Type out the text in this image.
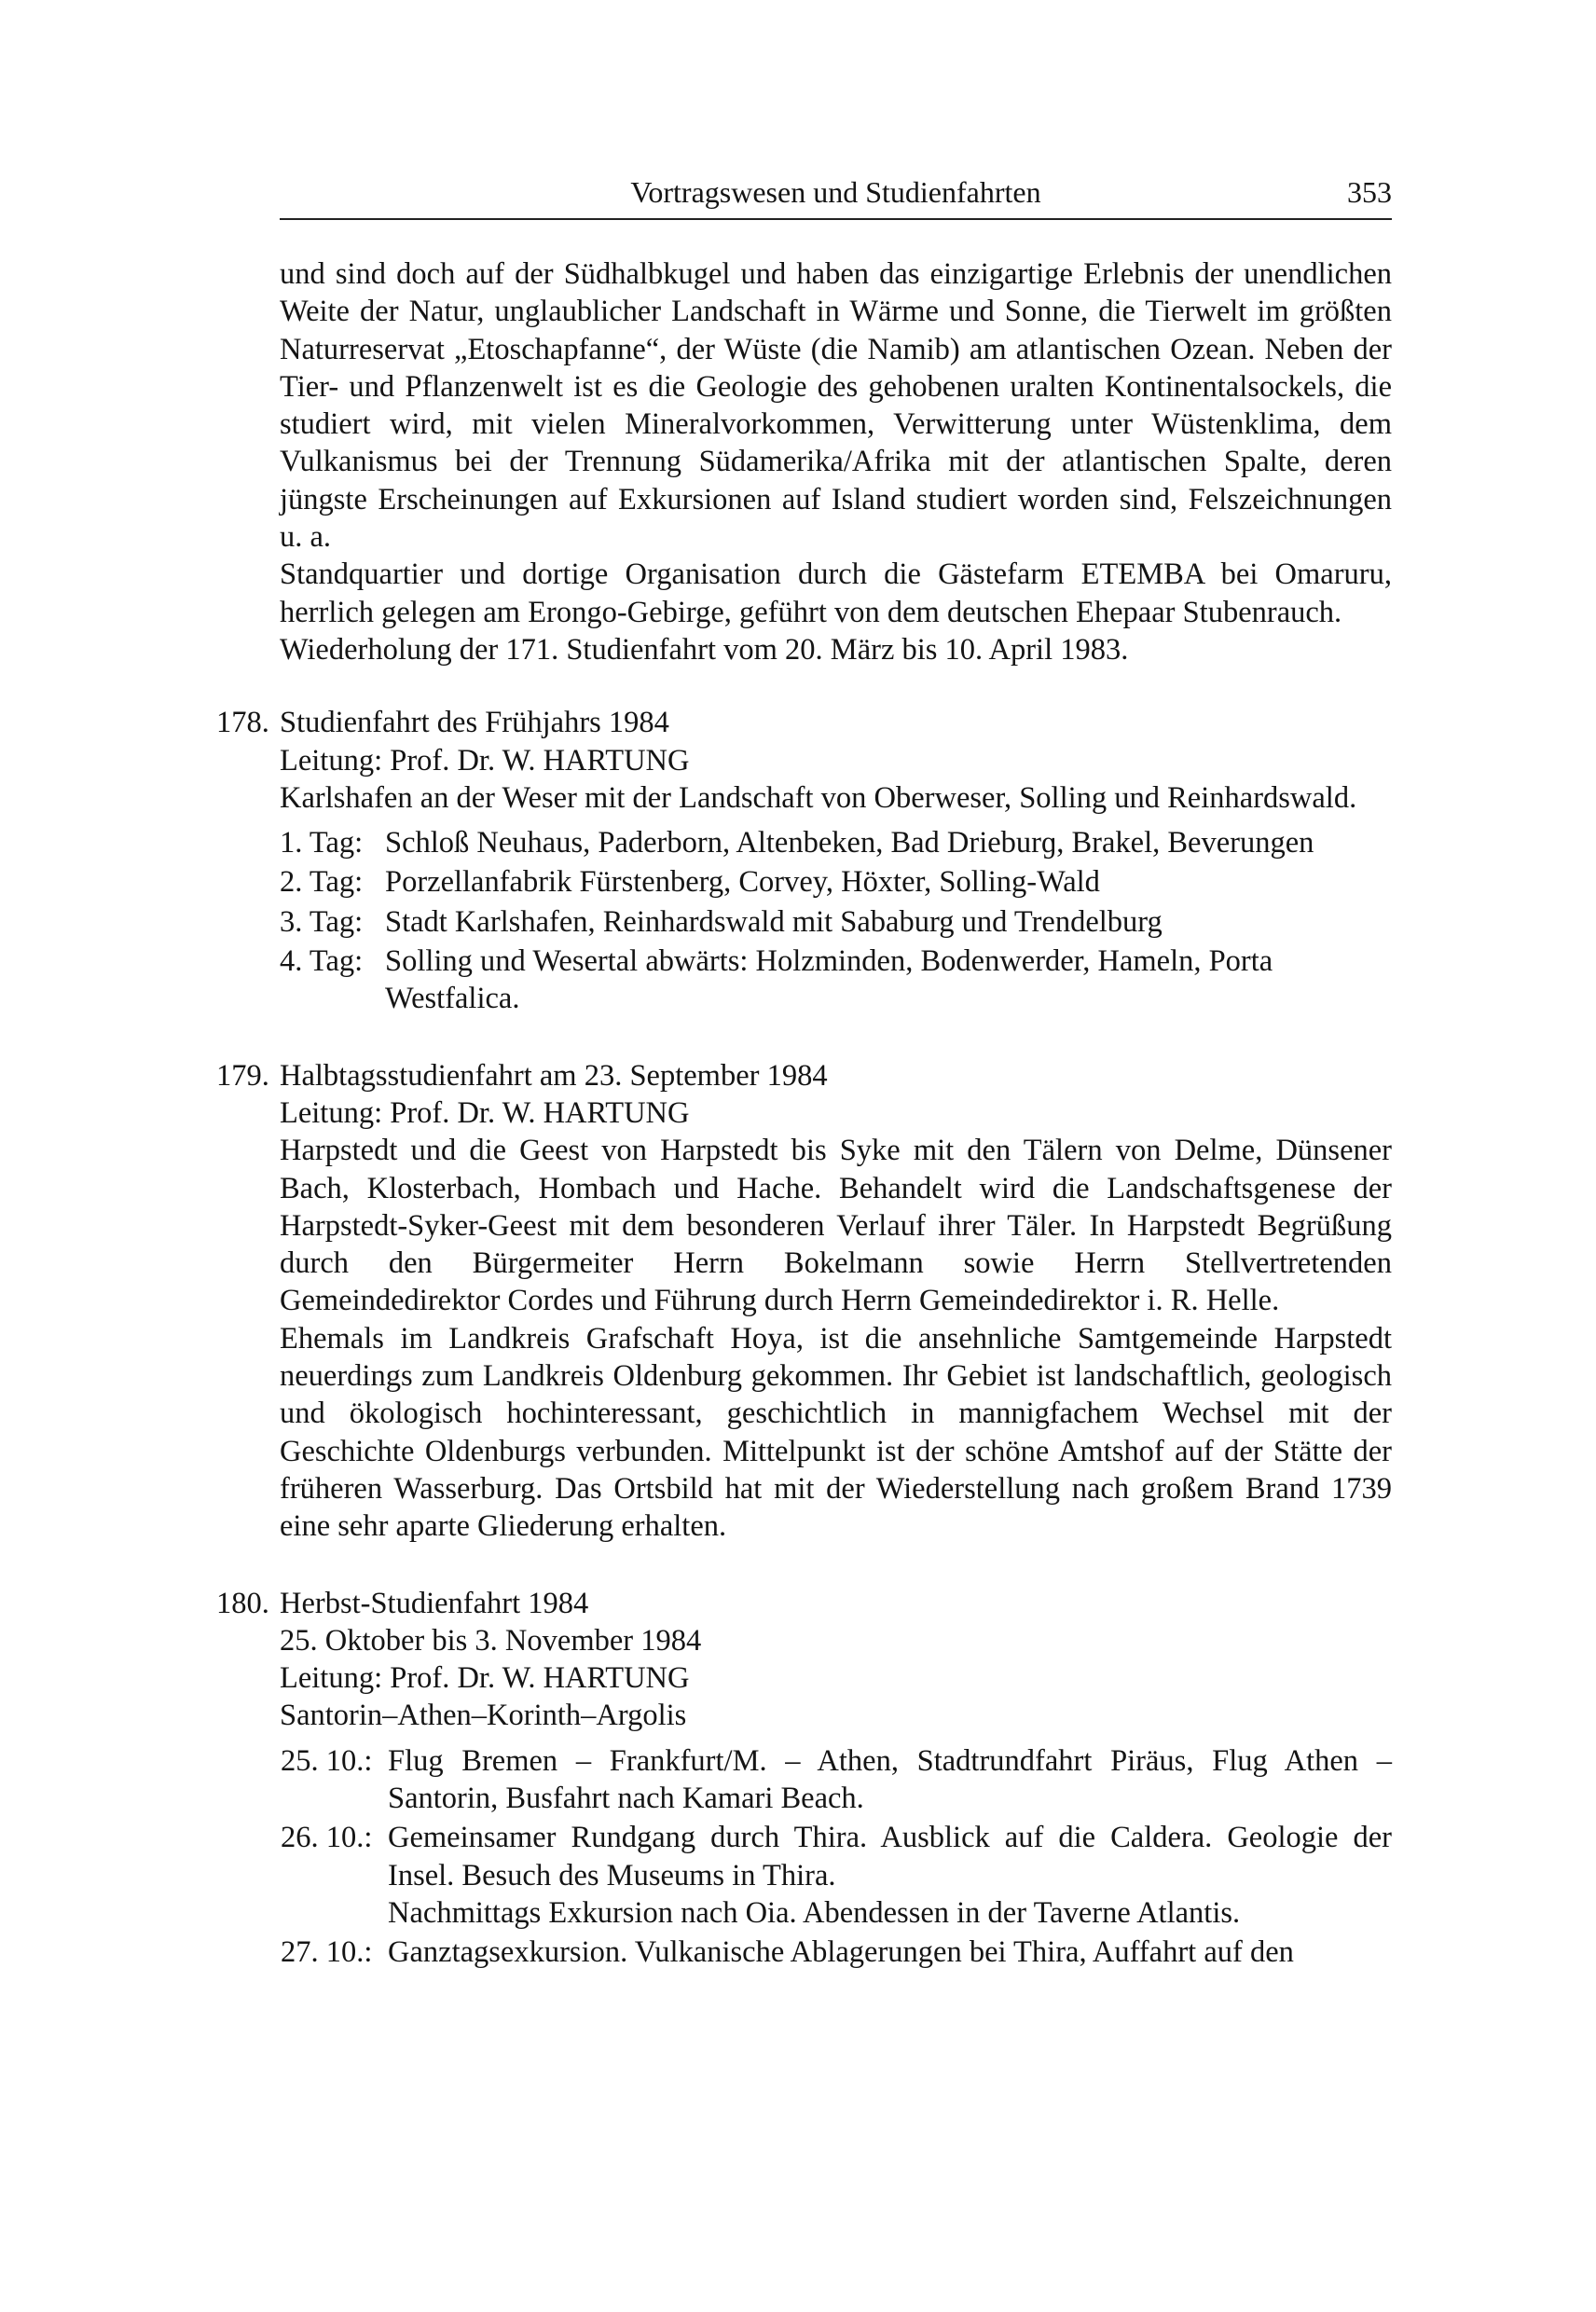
Vortragswesen und Studienfahrten	353

und sind doch auf der Südhalbkugel und haben das einzigartige Erlebnis der unendlichen Weite der Natur, unglaublicher Landschaft in Wärme und Sonne, die Tierwelt im größten Naturreservat „Etoschapfanne“, der Wüste (die Namib) am atlantischen Ozean. Neben der Tier- und Pflanzenwelt ist es die Geologie des gehobenen uralten Kontinentalsockels, die studiert wird, mit vielen Mineralvorkommen, Verwitterung unter Wüstenklima, dem Vulkanismus bei der Trennung Südamerika/Afrika mit der atlantischen Spalte, deren jüngste Erscheinungen auf Exkursionen auf Island studiert worden sind, Felszeichnungen u. a.

Standquartier und dortige Organisation durch die Gästefarm ETEMBA bei Omaruru, herrlich gelegen am Erongo-Gebirge, geführt von dem deutschen Ehepaar Stubenrauch.

Wiederholung der 171. Studienfahrt vom 20. März bis 10. April 1983.

178. Studienfahrt des Frühjahrs 1984
Leitung: Prof. Dr. W. HARTUNG

Karlshafen an der Weser mit der Landschaft von Oberweser, Solling und Reinhardswald.

1. Tag: Schloß Neuhaus, Paderborn, Altenbeken, Bad Drieburɡ, Brakel, Beverungen
2. Tag: Porzellanfabrik Fürstenberg, Corvey, Höxter, Solling-Wald
3. Tag: Stadt Karlshafen, Reinhardswald mit Sababurg und Trendelburg
4. Tag: Solling und Wesertal abwärts: Holzminden, Bodenwerder, Hameln, Porta Westfalica.
179. Halbtagsstudienfahrt am 23. September 1984
Leitung: Prof. Dr. W. HARTUNG

Harpstedt und die Geest von Harpstedt bis Syke mit den Tälern von Delme, Dünsener Bach, Klosterbach, Hombach und Hache. Behandelt wird die Landschaftsgenese der Harpstedt-Syker-Geest mit dem besonderen Verlauf ihrer Täler. In Harpstedt Begrüßung durch den Bürgermeiter Herrn Bokelmann sowie Herrn Stellvertretenden Gemeindedirektor Cordes und Führung durch Herrn Gemeindedirektor i. R. Helle.

Ehemals im Landkreis Grafschaft Hoya, ist die ansehnliche Samtgemeinde Harpstedt neuerdings zum Landkreis Oldenburg gekommen. Ihr Gebiet ist landschaftlich, geologisch und ökologisch hochinteressant, geschichtlich in mannigfachem Wechsel mit der Geschichte Oldenburgs verbunden. Mittelpunkt ist der schöne Amtshof auf der Stätte der früheren Wasserburg. Das Ortsbild hat mit der Wiederstellung nach großem Brand 1739 eine sehr aparte Gliederung erhalten.

180. Herbst-Studienfahrt 1984
25. Oktober bis 3. November 1984
Leitung: Prof. Dr. W. HARTUNG
Santorin–Athen–Korinth–Argolis
25. 10.: Flug Bremen – Frankfurt/M. – Athen, Stadtrundfahrt Piräus, Flug Athen – Santorin, Busfahrt nach Kamari Beach.
26. 10.: Gemeinsamer Rundgang durch Thira. Ausblick auf die Caldera. Geologie der Insel. Besuch des Museums in Thira.
Nachmittags Exkursion nach Oia. Abendessen in der Taverne Atlantis.
27. 10.: Ganztagsexkursion. Vulkanische Ablagerungen bei Thira, Auffahrt auf den
